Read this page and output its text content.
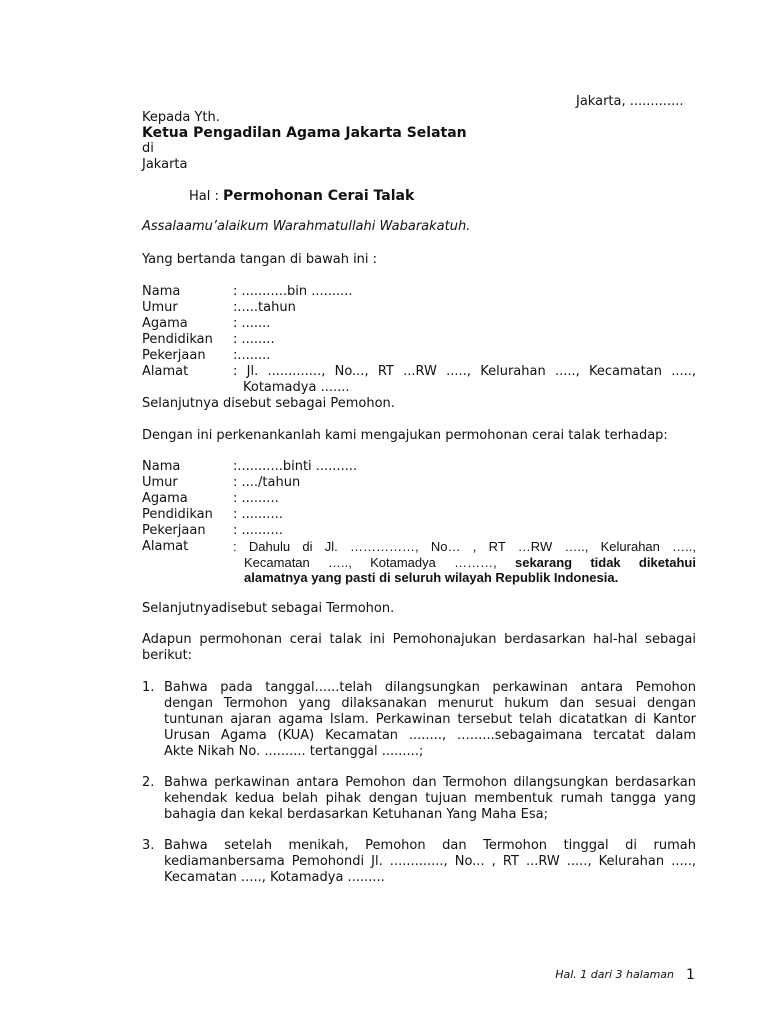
Jakarta, .............
Kepada Yth.
Ketua Pengadilan Agama Jakarta Selatan
di
Jakarta
Hal : Permohonan Cerai Talak
Assalaamu’alaikum Warahmatullahi Wabarakatuh.
Yang bertanda tangan di bawah ini :
Nama	: ...........bin ..........
Umur	:.....tahun
Agama	: .......
Pendidikan : ........
Pekerjaan :........
Alamat	: Jl. ............., No..., RT ...RW ....., Kelurahan ....., Kecamatan .....,
Kotamadya .......
Selanjutnya disebut sebagai Pemohon.
Dengan ini perkenankanlah kami mengajukan permohonan cerai talak terhadap:
Nama	:...........binti ..........
Umur	: ..../tahun
Agama	: .........
Pendidikan : ..........
Pekerjaan : ..........
Alamat	: Dahulu di Jl. ……………, No… , RT …RW ….., Kelurahan …..,
Kecamatan ….., Kotamadya ………, sekarang tidak diketahui
alamatnya yang pasti di seluruh wilayah Republik Indonesia.
Selanjutnyadisebut sebagai Termohon.
Adapun permohonan cerai talak ini Pemohonajukan berdasarkan hal-hal sebagai
berikut:
1. Bahwa pada tanggal......telah dilangsungkan perkawinan antara Pemohon
dengan Termohon yang dilaksanakan menurut hukum dan sesuai dengan
tuntunan ajaran agama Islam. Perkawinan tersebut telah dicatatkan di Kantor
Urusan Agama (KUA) Kecamatan ........, …......sebagaimana tercatat dalam
Akte Nikah No. .......... tertanggal .........;
2. Bahwa perkawinan antara Pemohon dan Termohon dilangsungkan berdasarkan
kehendak kedua belah pihak dengan tujuan membentuk rumah tangga yang
bahagia dan kekal berdasarkan Ketuhanan Yang Maha Esa;
3. Bahwa setelah menikah, Pemohon dan Termohon tinggal di rumah
kediamanbersama Pemohondi Jl. ............., No... , RT ...RW ....., Kelurahan .....,
Kecamatan ....., Kotamadya .........
Hal. 1 dari 3 halaman 1
